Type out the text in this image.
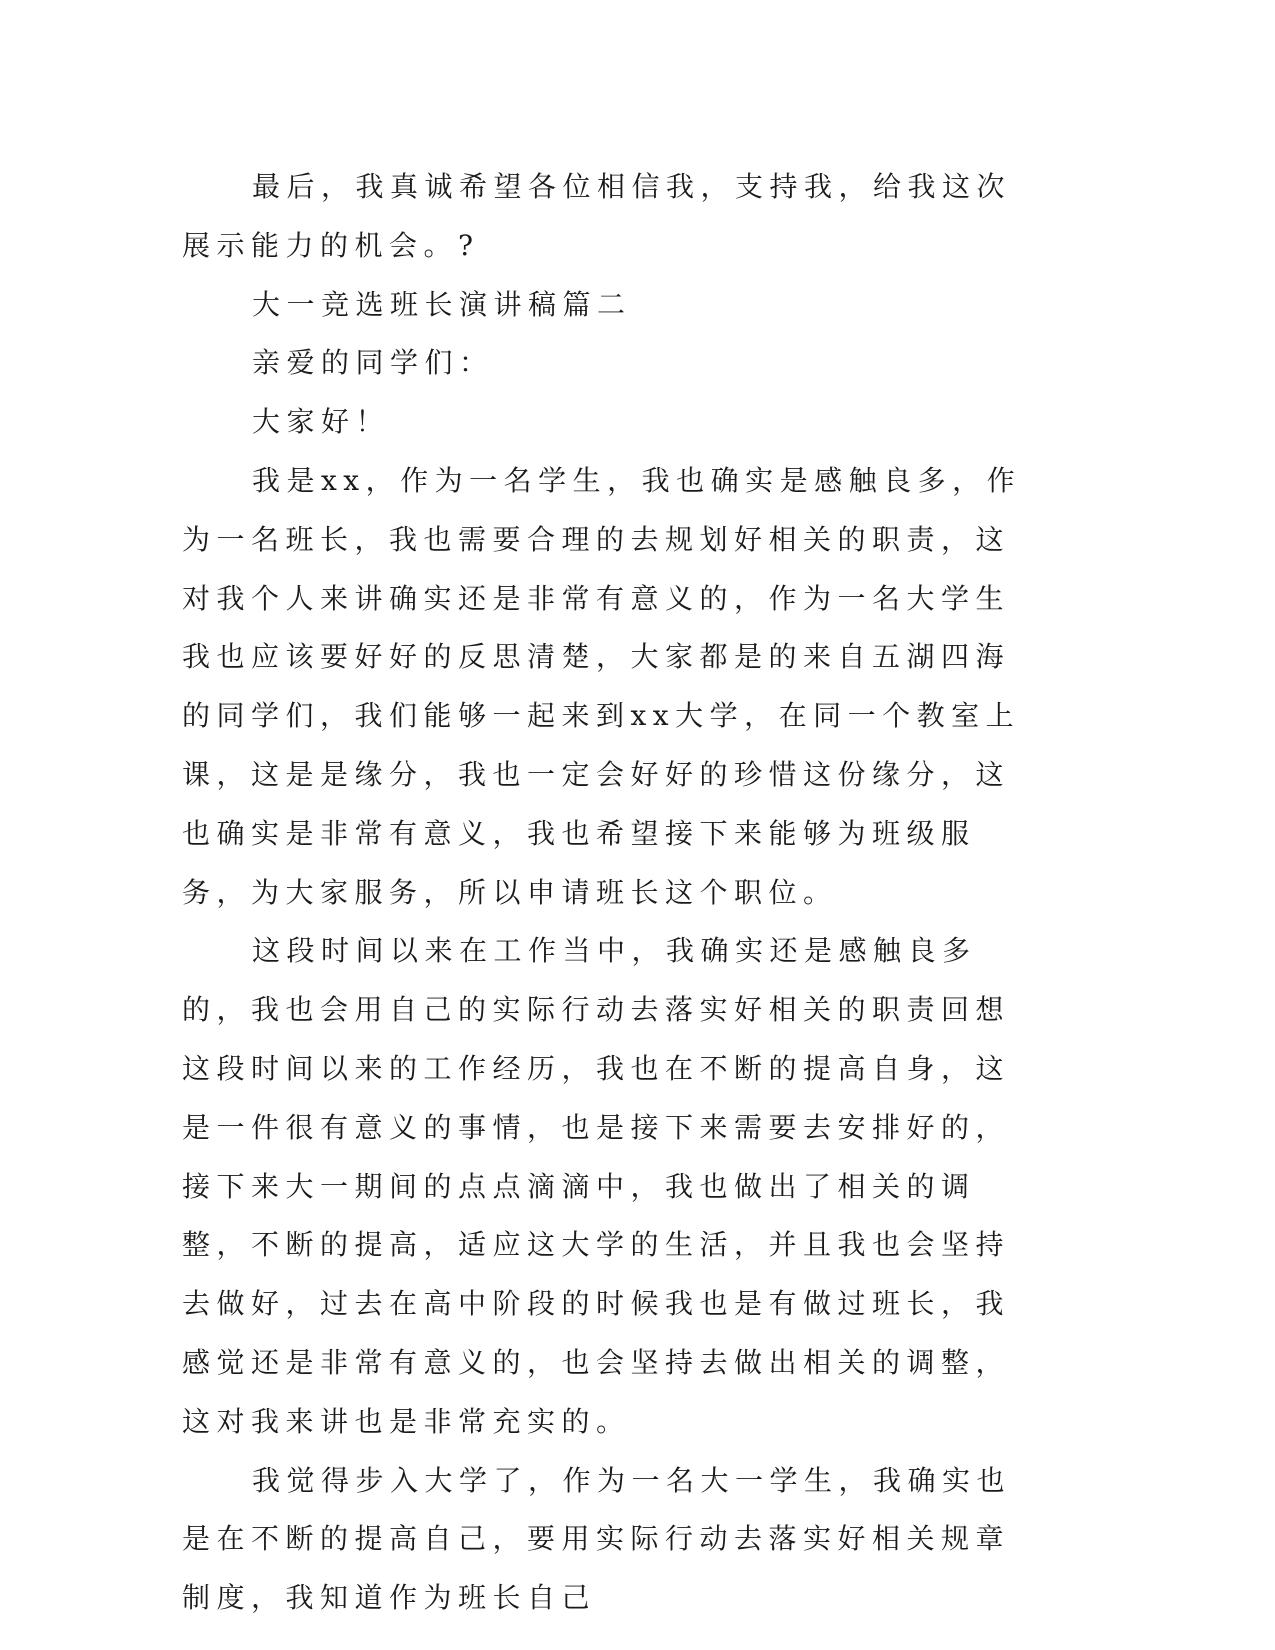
最后，我真诚希望各位相信我，支持我，给我这次展示能力的机会。?

大一竞选班长演讲稿篇二

亲爱的同学们：

大家好！

我是xx，作为一名学生，我也确实是感触良多，作为一名班长，我也需要合理的去规划好相关的职责，这对我个人来讲确实还是非常有意义的，作为一名大学生我也应该要好好的反思清楚，大家都是的来自五湖四海的同学们，我们能够一起来到xx大学，在同一个教室上课，这是是缘分，我也一定会好好的珍惜这份缘分，这也确实是非常有意义，我也希望接下来能够为班级服务，为大家服务，所以申请班长这个职位。

这段时间以来在工作当中，我确实还是感触良多的，我也会用自己的实际行动去落实好相关的职责回想这段时间以来的工作经历，我也在不断的提高自身，这是一件很有意义的事情，也是接下来需要去安排好的，接下来大一期间的点点滴滴中，我也做出了相关的调整，不断的提高，适应这大学的生活，并且我也会坚持去做好，过去在高中阶段的时候我也是有做过班长，我感觉还是非常有意义的，也会坚持去做出相关的调整，这对我来讲也是非常充实的。

我觉得步入大学了，作为一名大一学生，我确实也是在不断的提高自己，要用实际行动去落实好相关规章制度，我知道作为班长自己
